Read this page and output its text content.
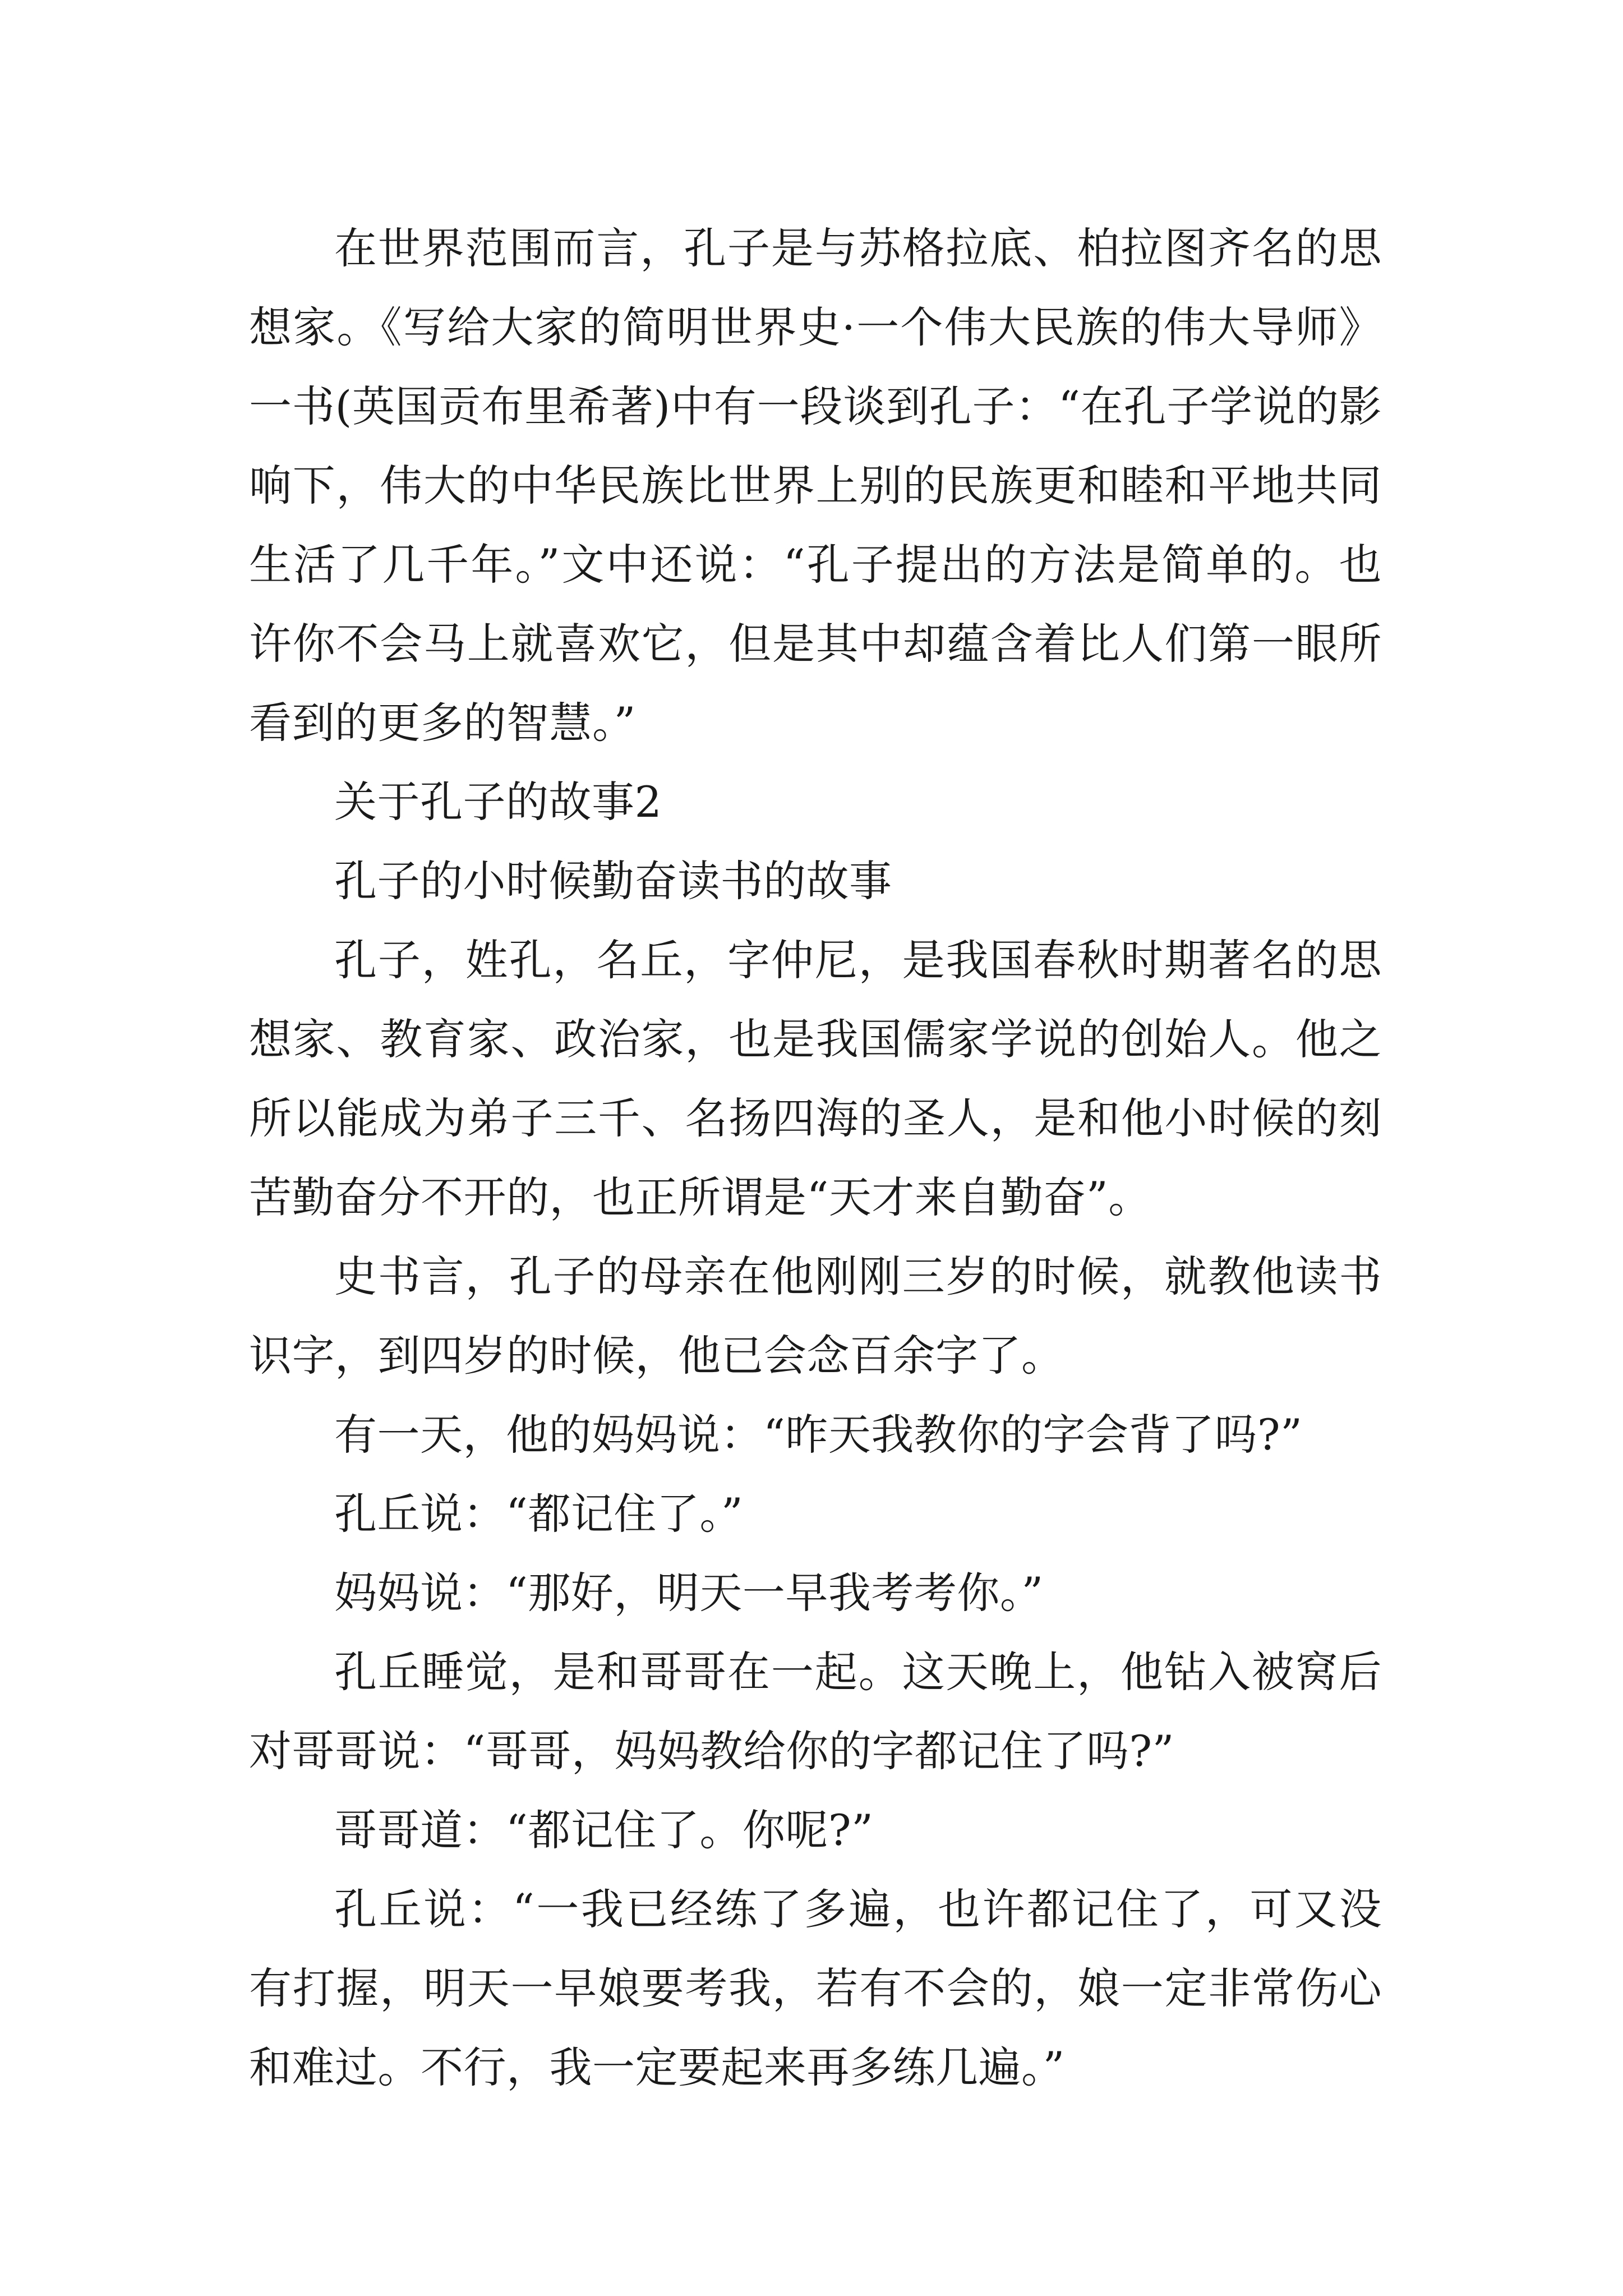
在世界范围而言，孔子是与苏格拉底、柏拉图齐名的思想家。《写给大家的简明世界史·一个伟大民族的伟大导师》一书(英国贡布里希著)中有一段谈到孔子：“在孔子学说的影响下，伟大的中华民族比世界上别的民族更和睦和平地共同生活了几千年。”文中还说：“孔子提出的方法是简单的。也许你不会马上就喜欢它，但是其中却蕴含着比人们第一眼所看到的更多的智慧。”

关于孔子的故事2

孔子的小时候勤奋读书的故事

孔子，姓孔，名丘，字仲尼，是我国春秋时期著名的思想家、教育家、政治家，也是我国儒家学说的创始人。他之所以能成为弟子三千、名扬四海的圣人，是和他小时候的刻苦勤奋分不开的，也正所谓是“天才来自勤奋”。

史书言，孔子的母亲在他刚刚三岁的时候，就教他读书识字，到四岁的时候，他已会念百余字了。

有一天，他的妈妈说：“昨天我教你的字会背了吗?”

孔丘说：“都记住了。”

妈妈说：“那好，明天一早我考考你。”

孔丘睡觉，是和哥哥在一起。这天晚上，他钻入被窝后对哥哥说：“哥哥，妈妈教给你的字都记住了吗?”

哥哥道：“都记住了。你呢?”

孔丘说：“一我已经练了多遍，也许都记住了，可又没有打握，明天一早娘要考我，若有不会的，娘一定非常伤心和难过。不行，我一定要起来再多练几遍。”
